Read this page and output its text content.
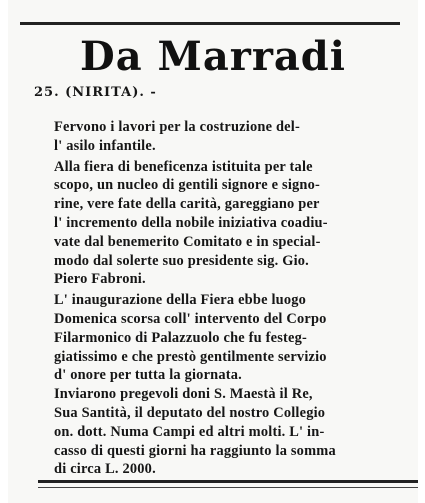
Da Marradi
25. (NIRITA). -
Fervono i lavori per la costruzione del-
l' asilo infantile.
Alla fiera di beneficenza istituita per tale
scopo, un nucleo di gentili signore e signo-
rine, vere fate della carità, gareggiano per
l' incremento della nobile iniziativa coadiu-
vate dal benemerito Comitato e in special-
modo dal solerte suo presidente sig. Gio.
Piero Fabroni.
L' inaugurazione della Fiera ebbe luogo
Domenica scorsa coll' intervento del Corpo
Filarmonico di Palazzuolo che fu festeg-
giatissimo e che prestò gentilmente servizio
d' onore per tutta la giornata.
Inviarono pregevoli doni S. Maestà il Re,
Sua Santità, il deputato del nostro Collegio
on. dott. Numa Campi ed altri molti. L' in-
casso di questi giorni ha raggiunto la somma
di circa L. 2000.
